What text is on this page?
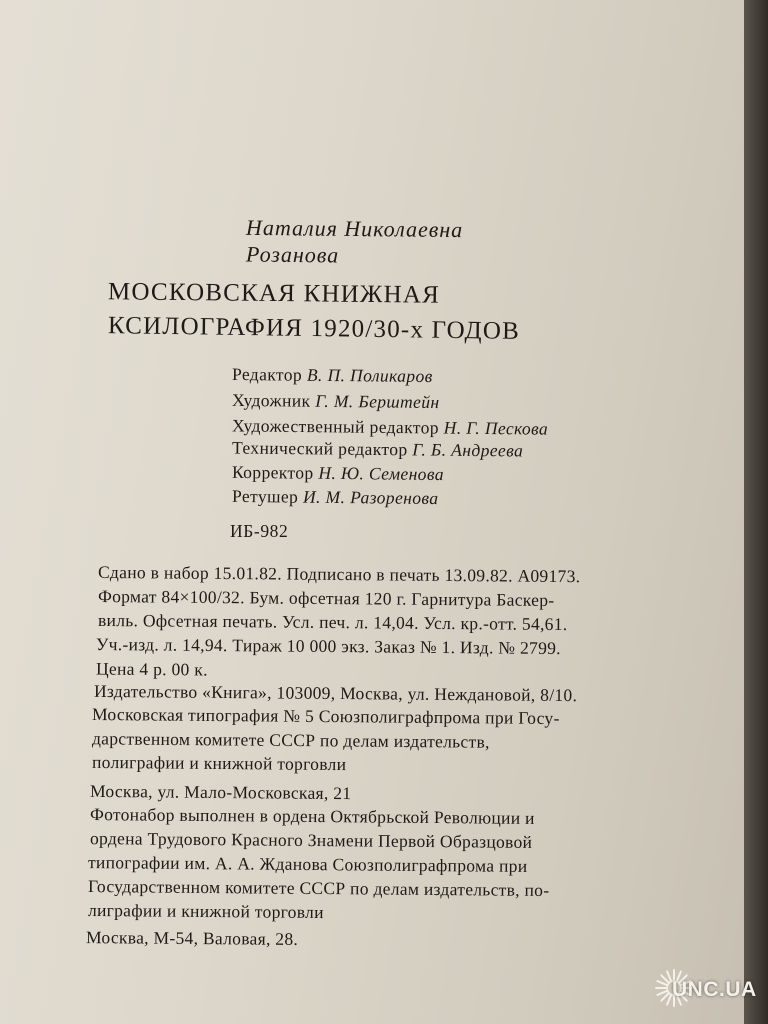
Наталия Николаевна
Розанова
МОСКОВСКАЯ КНИЖНАЯ
КСИЛОГРАФИЯ 1920/30-х ГОДОВ
Редактор В. П. Поликаров
Художник Г. М. Берштейн
Художественный редактор Н. Г. Пескова
Технический редактор Г. Б. Андреева
Корректор Н. Ю. Семенова
Ретушер И. М. Разоренова
ИБ-982
Сдано в набор 15.01.82. Подписано в печать 13.09.82. А09173.
Формат 84×100/32. Бум. офсетная 120 г. Гарнитура Баскер-
виль. Офсетная печать. Усл. печ. л. 14,04. Усл. кр.-отт. 54,61.
Уч.-изд. л. 14,94. Тираж 10 000 экз. Заказ № 1. Изд. № 2799.
Цена 4 р. 00 к.
Издательство «Книга», 103009, Москва, ул. Неждановой, 8/10.
Московская типография № 5 Союзполиграфпрома при Госу-
дарственном комитете СССР по делам издательств,
полиграфии и книжной торговли
Москва, ул. Мало-Московская, 21
Фотонабор выполнен в ордена Октябрьской Революции и
ордена Трудового Красного Знамени Первой Образцовой
типографии им. А. А. Жданова Союзполиграфпрома при
Государственном комитете СССР по делам издательств, по-
лиграфии и книжной торговли
Москва, М-54, Валовая, 28.
UNC.UA
